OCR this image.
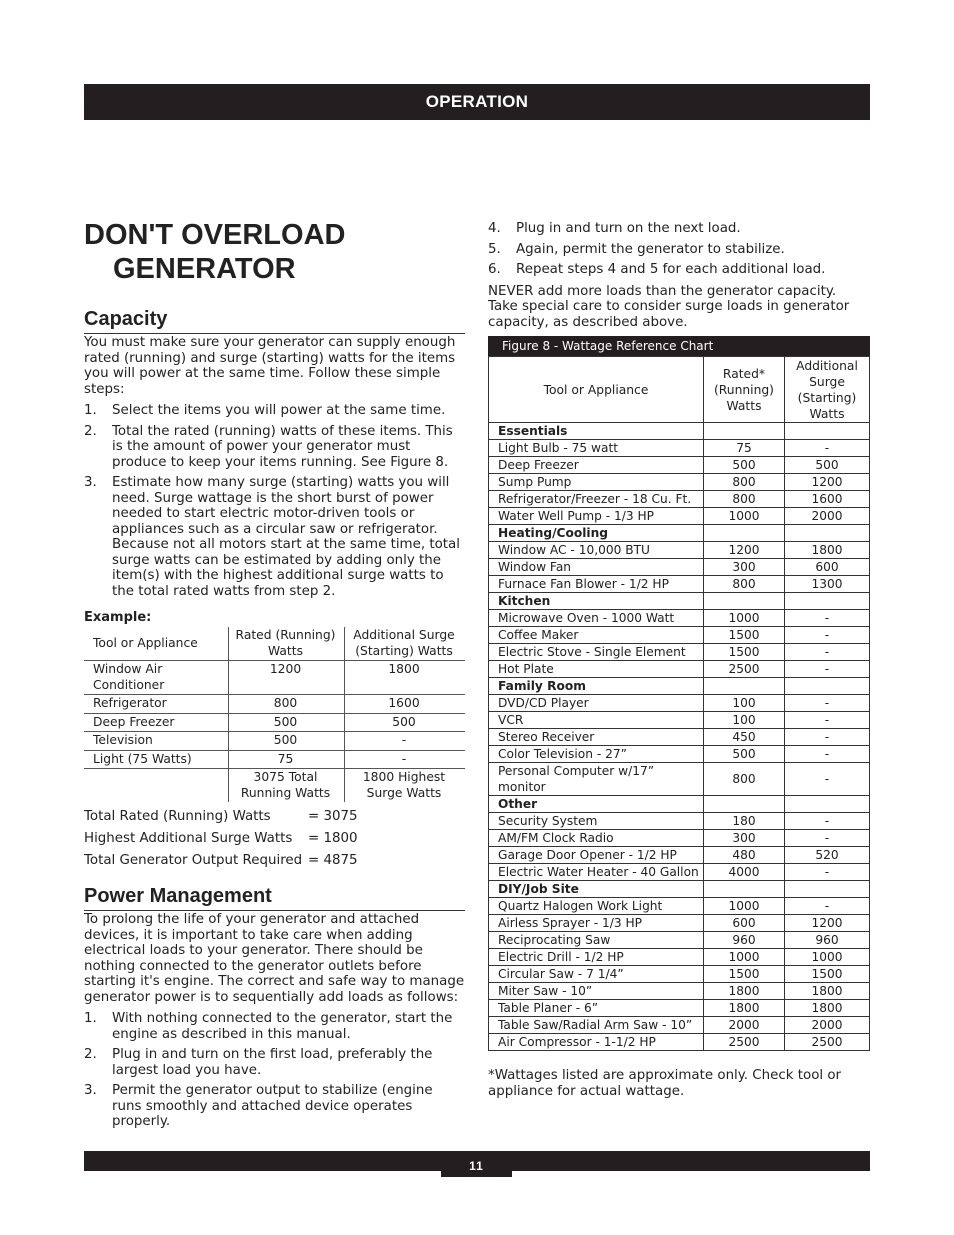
OPERATION
DON'T OVERLOAD
GENERATOR
Capacity

You must make sure your generator can supply enough rated (running) and surge (starting) watts for the items you will power at the same time. Follow these simple steps:

1. Select the items you will power at the same time.
2. Total the rated (running) watts of these items. This is the amount of power your generator must produce to keep your items running. See Figure 8.
3. Estimate how many surge (starting) watts you will need. Surge wattage is the short burst of power needed to start electric motor-driven tools or appliances such as a circular saw or refrigerator. Because not all motors start at the same time, total surge watts can be estimated by adding only the item(s) with the highest additional surge watts to the total rated watts from step 2.

Example:

Tool or Appliance	Rated (Running) Watts	Additional Surge (Starting) Watts
Window Air Conditioner	1200	1800
Refrigerator	800	1600
Deep Freezer	500	500
Television	500	-
Light (75 Watts)	75	-
	3075 Total Running Watts	1800 Highest Surge Watts
Total Rated (Running) Watts	= 3075
Highest Additional Surge Watts	= 1800
Total Generator Output Required = 4875
Power Management

To prolong the life of your generator and attached devices, it is important to take care when adding electrical loads to your generator. There should be nothing connected to the generator outlets before starting it's engine. The correct and safe way to manage generator power is to sequentially add loads as follows:

1. With nothing connected to the generator, start the engine as described in this manual.
2. Plug in and turn on the first load, preferably the largest load you have.
3. Permit the generator output to stabilize (engine runs smoothly and attached device operates properly.
4. Plug in and turn on the next load.
5. Again, permit the generator to stabilize.
6. Repeat steps 4 and 5 for each additional load.

NEVER add more loads than the generator capacity. Take special care to consider surge loads in generator capacity, as described above.

Figure 8 - Wattage Reference Chart
Tool or Appliance	Rated* (Running) Watts	Additional Surge (Starting) Watts
Essentials		
Light Bulb - 75 watt	75	-
Deep Freezer	500	500
Sump Pump	800	1200
Refrigerator/Freezer - 18 Cu. Ft.	800	1600
Water Well Pump - 1/3 HP	1000	2000
Heating/Cooling		
Window AC - 10,000 BTU	1200	1800
Window Fan	300	600
Furnace Fan Blower - 1/2 HP	800	1300
Kitchen		
Microwave Oven - 1000 Watt	1000	-
Coffee Maker	1500	-
Electric Stove - Single Element	1500	-
Hot Plate	2500	-
Family Room		
DVD/CD Player	100	-
VCR	100	-
Stereo Receiver	450	-
Color Television - 27”	500	-
Personal Computer w/17” monitor	800	-
Other		
Security System	180	-
AM/FM Clock Radio	300	-
Garage Door Opener - 1/2 HP	480	520
Electric Water Heater - 40 Gallon	4000	-
DIY/Job Site		
Quartz Halogen Work Light	1000	-
Airless Sprayer - 1/3 HP	600	1200
Reciprocating Saw	960	960
Electric Drill - 1/2 HP	1000	1000
Circular Saw - 7 1/4”	1500	1500
Miter Saw - 10”	1800	1800
Table Planer - 6”	1800	1800
Table Saw/Radial Arm Saw - 10”	2000	2000
Air Compressor - 1-1/2 HP	2500	2500

*Wattages listed are approximate only. Check tool or appliance for actual wattage.

11
